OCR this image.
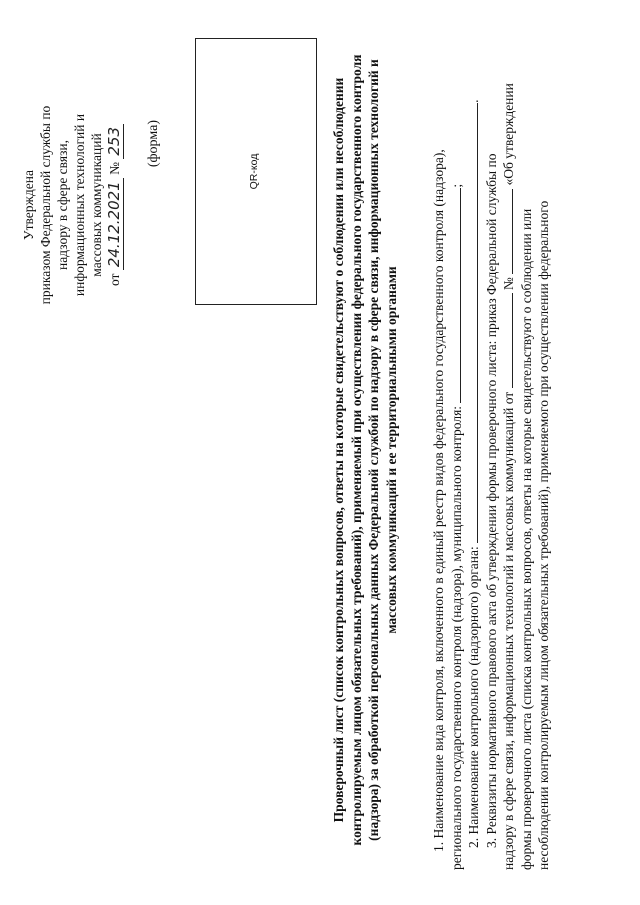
Утверждена приказом Федеральной службы по надзору в сфере связи, информационных технологий и массовых коммуникаций
от 24.12.2021 № 253 (форма)
QR-код	Проверочный лист (список контрольных вопросов, ответы на которые свидетельствуют о соблюдении или несоблюдении контролируемым лицом обязательных требований), применяемый при осуществлении федерального государственного контроля (надзора) за обработкой персональных данных Федеральной службой по надзору в сфере связи, информационных технологий и массовых коммуникаций и ее территориальными органами 1. Наименование вида контроля, включенного в единый реестр видов федерального государственного контроля (надзора), регионального государственного контроля (надзора), муниципального контроля: ;

2. Наименование контрольного (надзорного) органа: .

3. Реквизиты нормативного правового акта об утверждении формы проверочного листа: приказ Федеральной службы по надзору в сфере связи, информационных технологий и массовых коммуникаций от  №  «Об утверждении

формы проверочного листа (списка контрольных вопросов, ответы на которые свидетельствуют о соблюдении или несоблюдении контролируемым лицом обязательных требований), применяемого при осуществлении федерального
